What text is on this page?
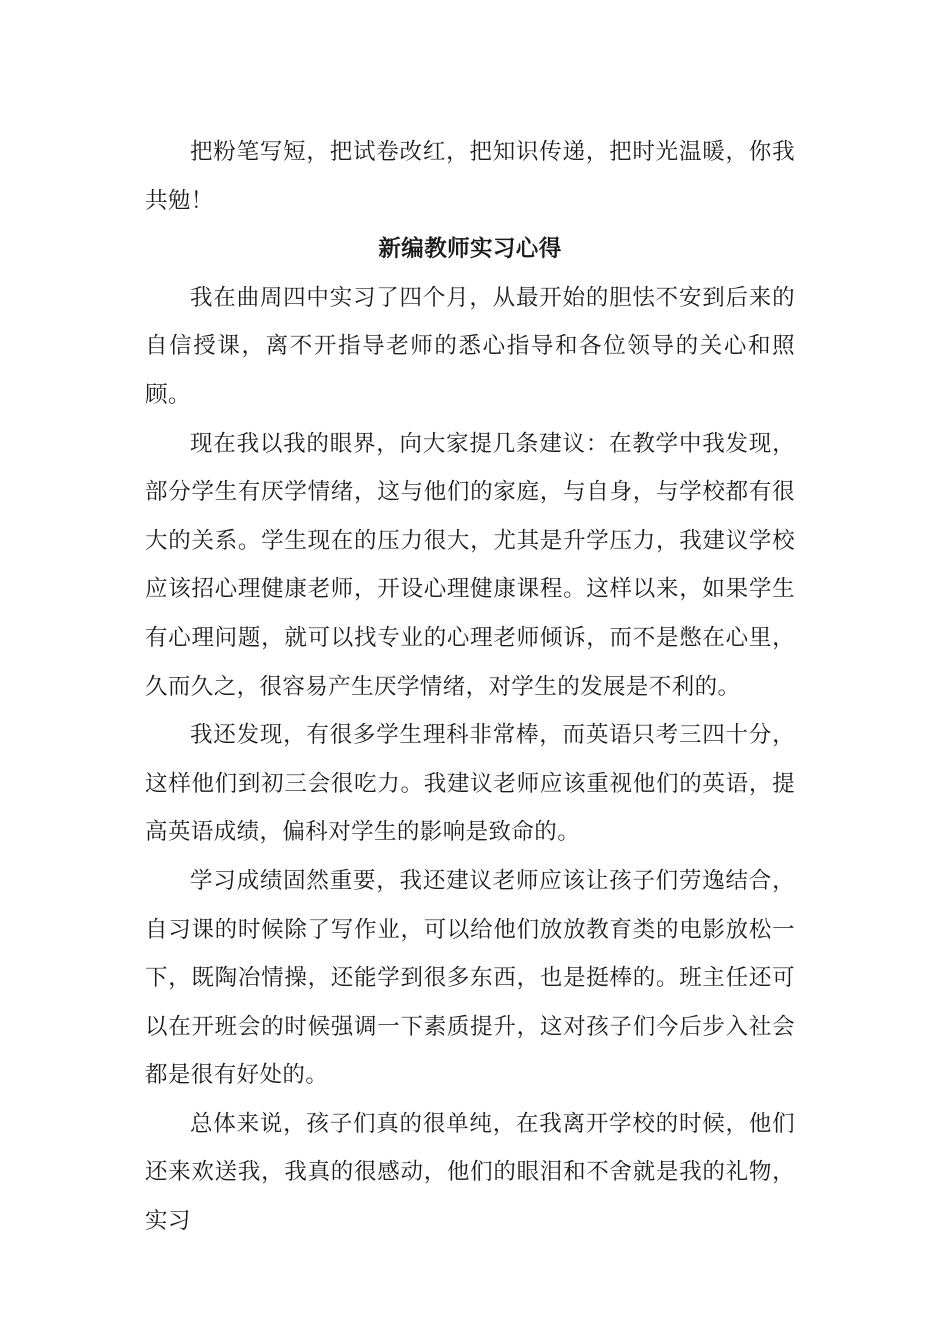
把粉笔写短，把试卷改红，把知识传递，把时光温暖，你我共勉！

新编教师实习心得

我在曲周四中实习了四个月，从最开始的胆怯不安到后来的自信授课，离不开指导老师的悉心指导和各位领导的关心和照顾。

现在我以我的眼界，向大家提几条建议：在教学中我发现，部分学生有厌学情绪，这与他们的家庭，与自身，与学校都有很大的关系。学生现在的压力很大，尤其是升学压力，我建议学校应该招心理健康老师，开设心理健康课程。这样以来，如果学生有心理问题，就可以找专业的心理老师倾诉，而不是憋在心里，久而久之，很容易产生厌学情绪，对学生的发展是不利的。

我还发现，有很多学生理科非常棒，而英语只考三四十分，这样他们到初三会很吃力。我建议老师应该重视他们的英语，提高英语成绩，偏科对学生的影响是致命的。

学习成绩固然重要，我还建议老师应该让孩子们劳逸结合，自习课的时候除了写作业，可以给他们放放教育类的电影放松一下，既陶冶情操，还能学到很多东西，也是挺棒的。班主任还可以在开班会的时候强调一下素质提升，这对孩子们今后步入社会都是很有好处的。

总体来说，孩子们真的很单纯，在我离开学校的时候，他们还来欢送我，我真的很感动，他们的眼泪和不舍就是我的礼物，实习
